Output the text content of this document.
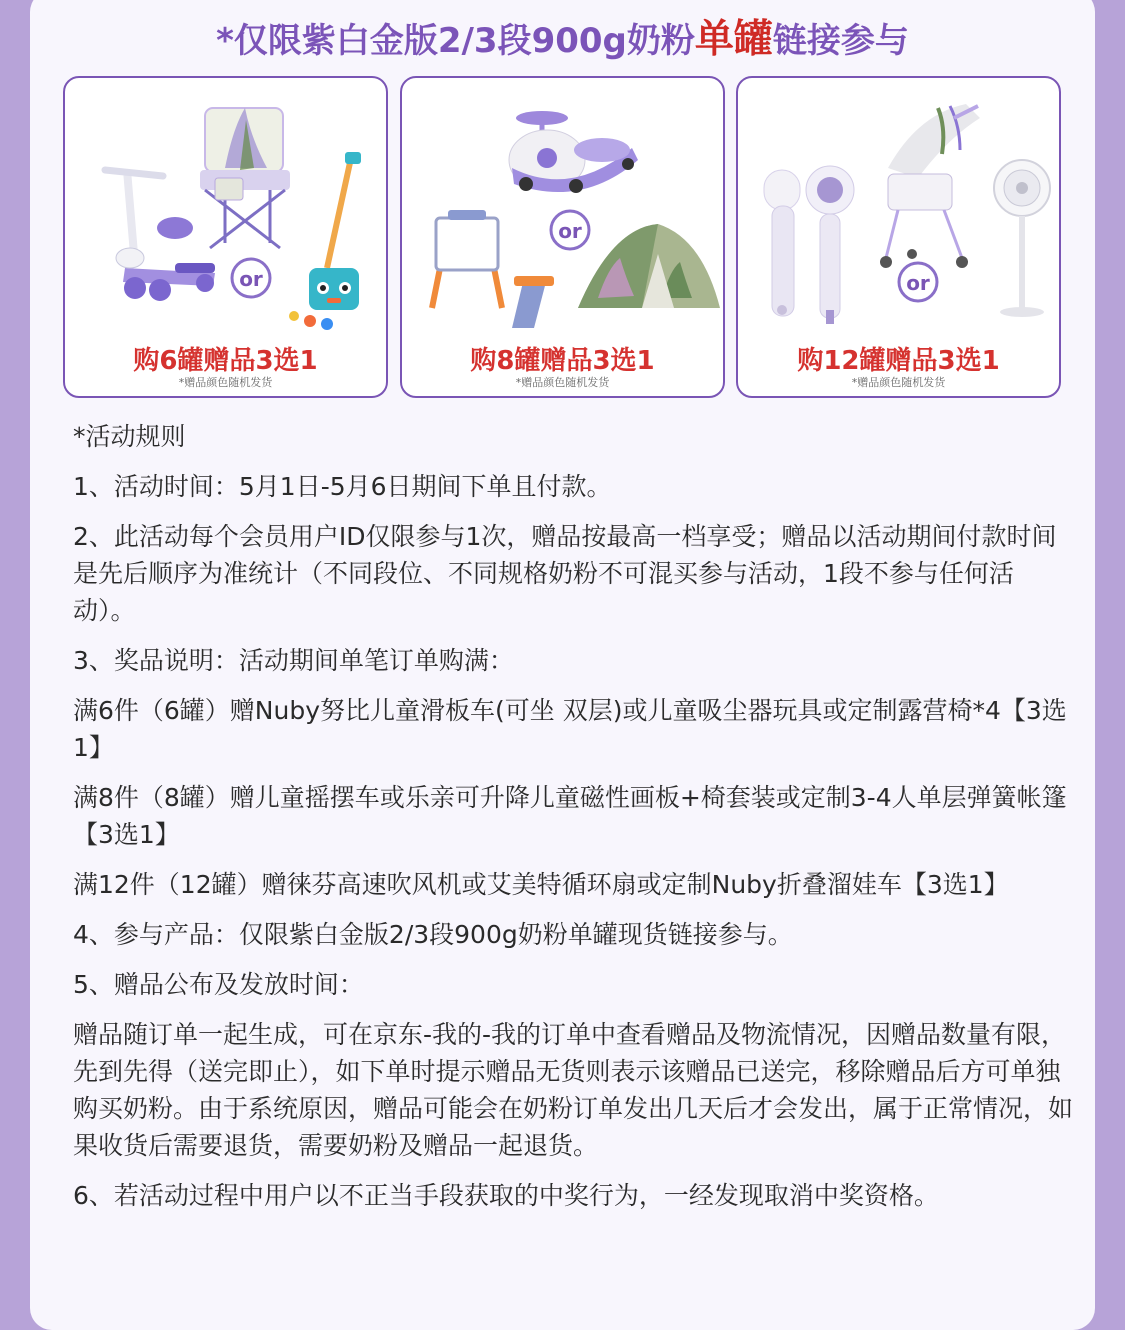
*仅限紫白金版2/3段900g奶粉单罐链接参与
or
购6罐赠品3选1
*赠品颜色随机发货
or
购8罐赠品3选1
*赠品颜色随机发货
or
购12罐赠品3选1
*赠品颜色随机发货

*活动规则

1、活动时间：5月1日-5月6日期间下单且付款。

2、此活动每个会员用户ID仅限参与1次，赠品按最高一档享受；赠品以活动期间付款时间是先后顺序为准统计（不同段位、不同规格奶粉不可混买参与活动，1段不参与任何活动）。

3、奖品说明：活动期间单笔订单购满：

满6件（6罐）赠Nuby努比儿童滑板车(可坐 双层)或儿童吸尘器玩具或定制露营椅*4【3选1】

满8件（8罐）赠儿童摇摆车或乐亲可升降儿童磁性画板+椅套装或定制3-4人单层弹簧帐篷【3选1】

满12件（12罐）赠徕芬高速吹风机或艾美特循环扇或定制Nuby折叠溜娃车【3选1】

4、参与产品：仅限紫白金版2/3段900g奶粉单罐现货链接参与。

5、赠品公布及发放时间：

赠品随订单一起生成，可在京东-我的-我的订单中查看赠品及物流情况，因赠品数量有限，先到先得（送完即止），如下单时提示赠品无货则表示该赠品已送完，移除赠品后方可单独购买奶粉。由于系统原因，赠品可能会在奶粉订单发出几天后才会发出，属于正常情况，如果收货后需要退货，需要奶粉及赠品一起退货。

6、若活动过程中用户以不正当手段获取的中奖行为，一经发现取消中奖资格。
